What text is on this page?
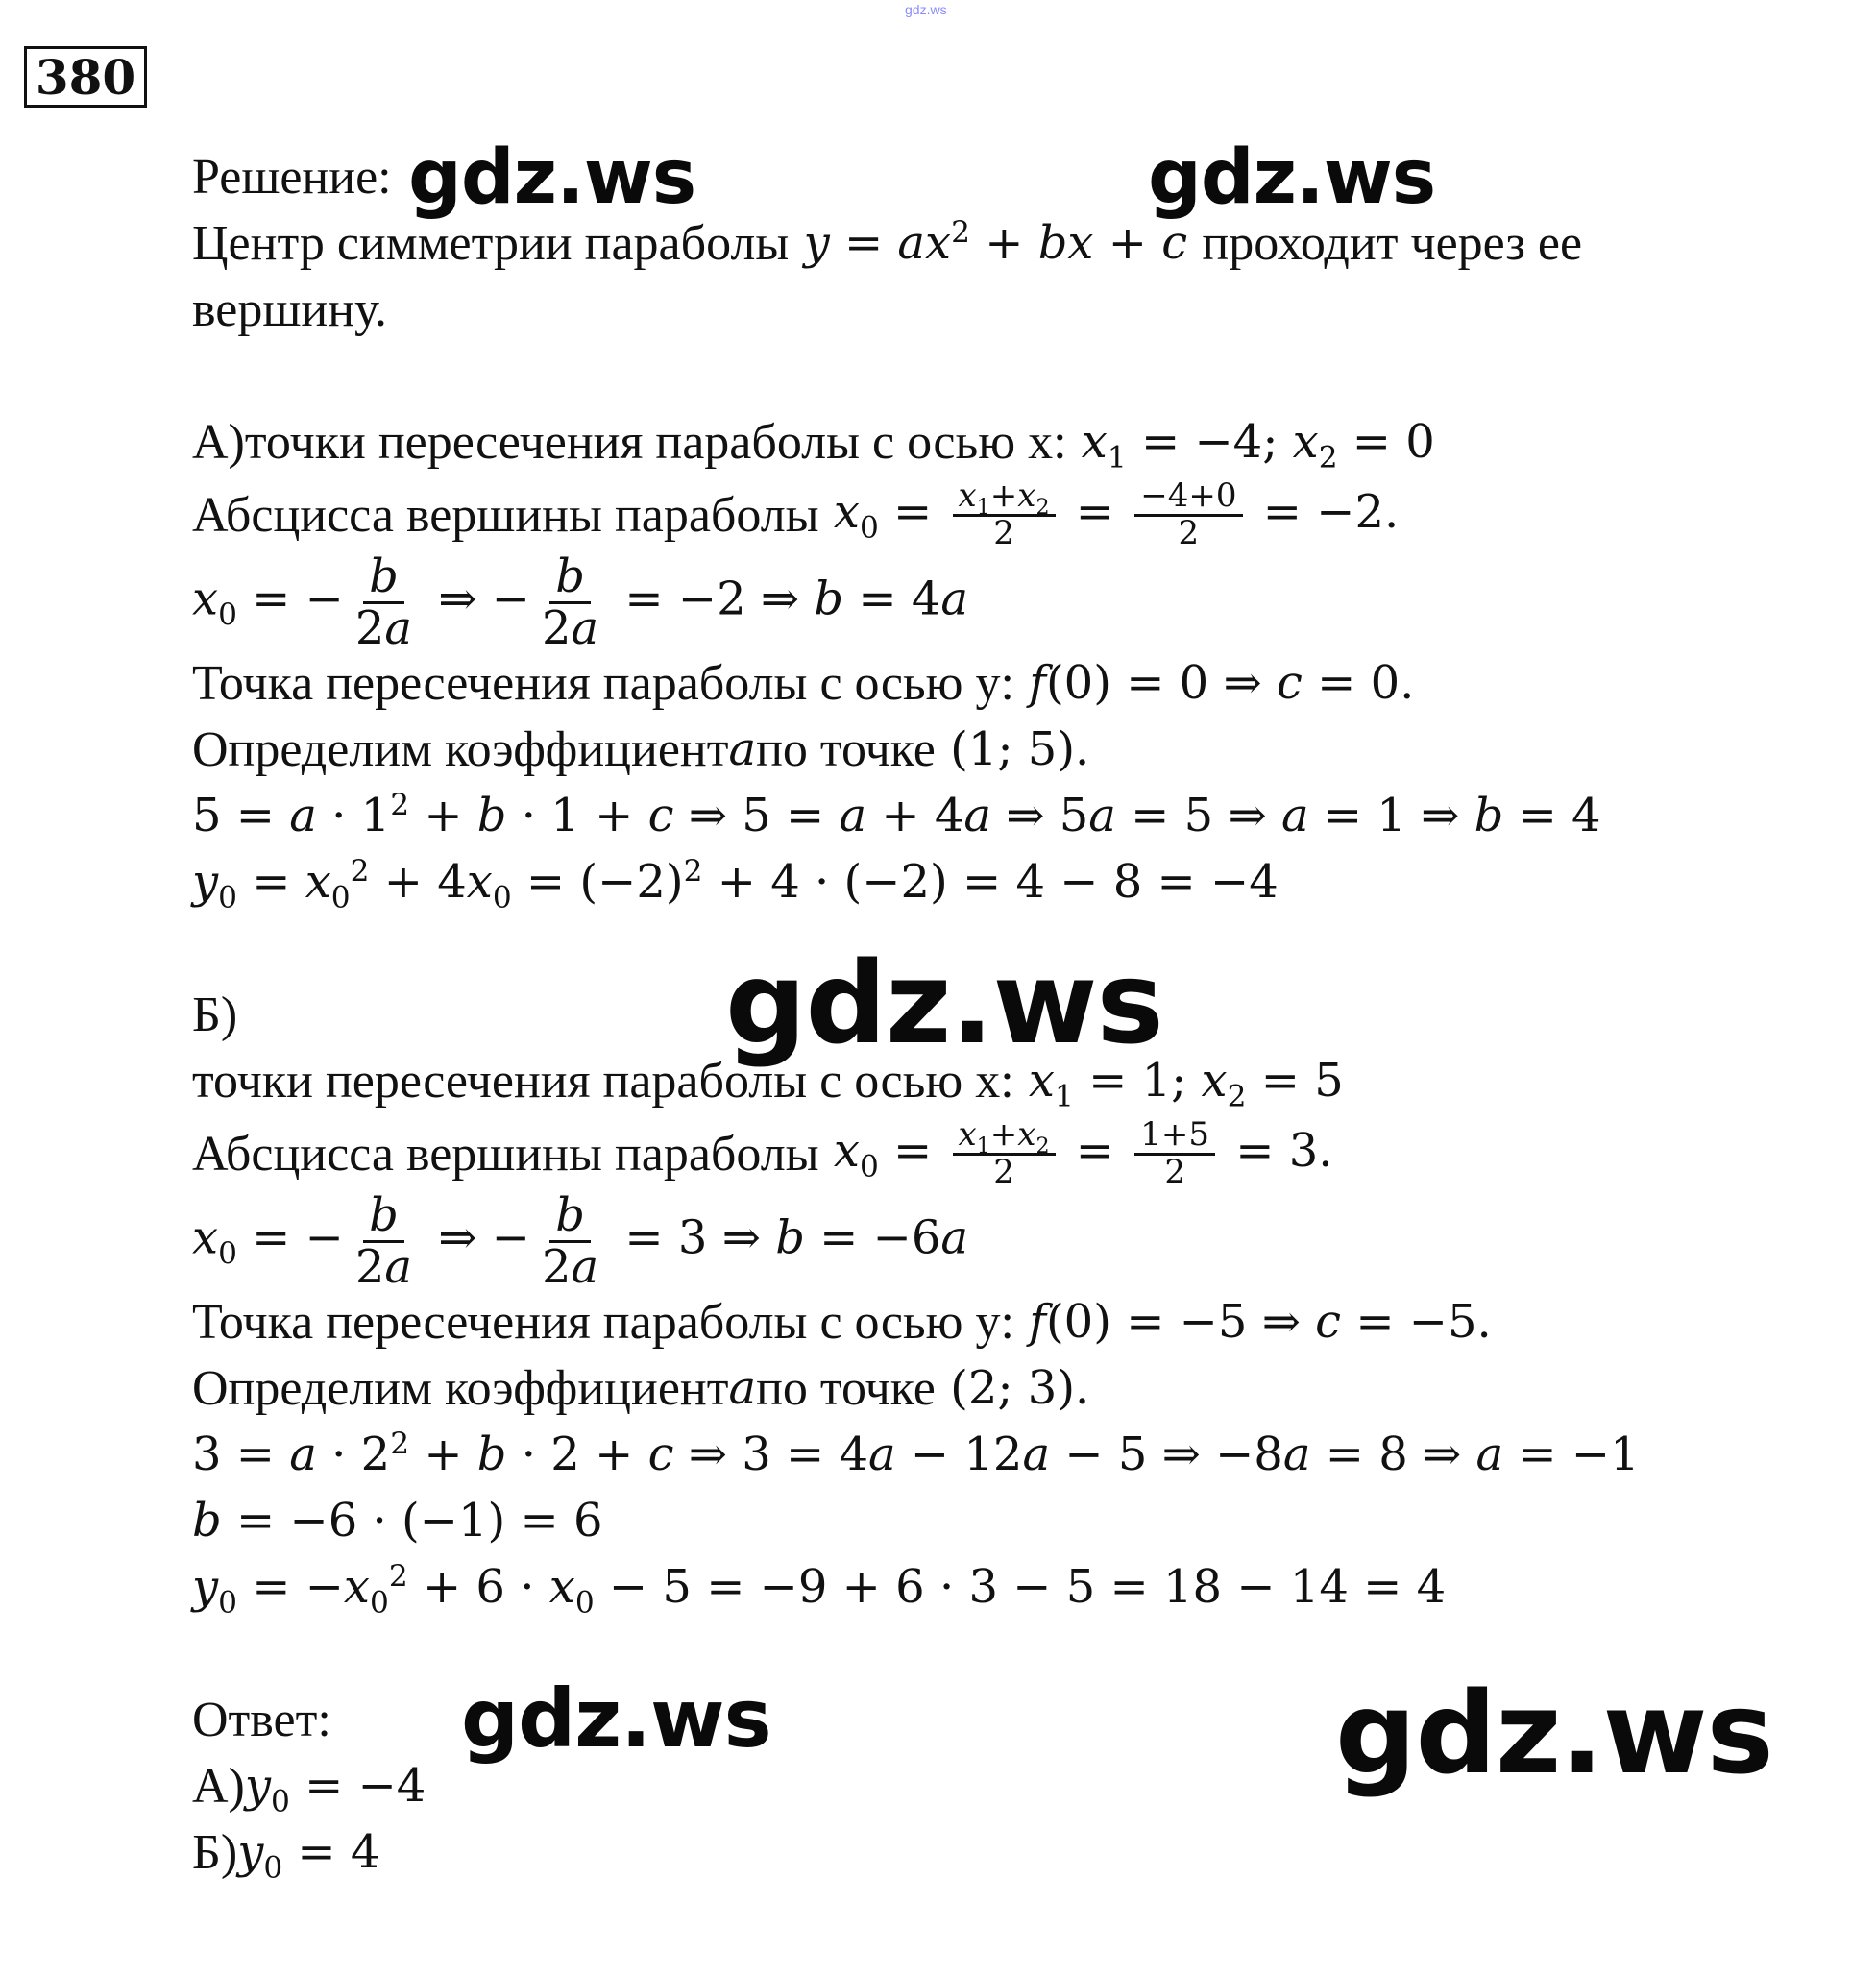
gdz.ws
380
Решение:
Центр симметрии параболы $y = ax^2$ + bx + c проходит через ее
вершину.
А) точки пересечения параболы с осью x: $x_1 = -4$; $x_2 = 0$
Абсцисса вершины параболы $x_0 = \frac{x_1+x_2}{2} = \frac{-4+0}{2} = -2$.
$x_0$ = − $\frac{b}{2a}$ ⇒ − $\frac{b}{2a} = -2$ ⇒ b = 4a
Точка пересечения параболы с осью y: f(0) = 0 ⇒ c = 0.
Определим коэффициент a по точке (1; 5).
$5 = a \cdot 1^2 + b \cdot 1 + c$ ⇒ 5 = a + 4a ⇒ 5a = 5 ⇒ a = 1 ⇒ b = 4
$y_0 = x_0^2 + 4x_0 = (-2)^2 + 4 \cdot (-2) = 4 - 8 = -4$
Б)
точки пересечения параболы с осью x: $x_1 = 1$; $x_2 = 5$
Абсцисса вершины параболы $x_0 = \frac{x_1+x_2}{2} = \frac{1+5}{2} = 3$.
$x_0$ = − $\frac{b}{2a}$ ⇒ − $\frac{b}{2a} = 3$ ⇒ b = −6a
Точка пересечения параболы с осью y: f(0) = −5 ⇒ c = −5.
Определим коэффициент a по точке (2; 3).
$3 = a \cdot 2^2 + b \cdot 2 + c$ ⇒ 3 = 4a − 12a − 5 ⇒ −8a = 8 ⇒ a = −1
b = −6 · (−1) = 6
$y_0 = -x_0^2 + 6 \cdot x_0 - 5 = -9 + 6 \cdot 3 - 5 = 18 - 14 = 4$
Ответ:
А) $y_0 = -4$
Б) $y_0 = 4$
gdz.ws	gdz.ws
gdz.ws
gdz.ws	gdz.ws
